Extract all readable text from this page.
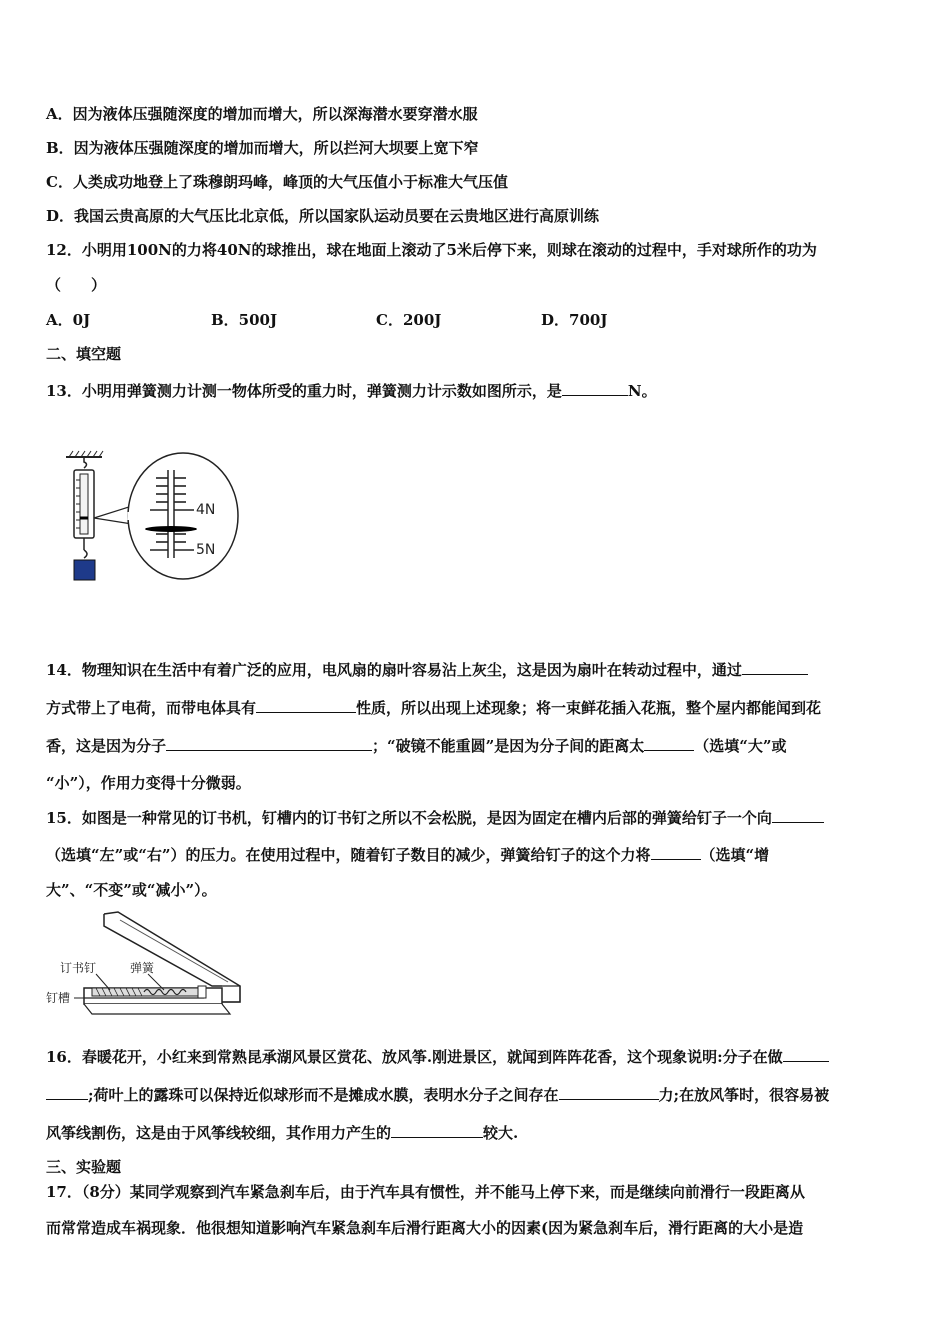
A．因为液体压强随深度的增加而增大，所以深海潜水要穿潜水服
B．因为液体压强随深度的增加而增大，所以拦河大坝要上宽下窄
C．人类成功地登上了珠穆朗玛峰，峰顶的大气压值小于标准大气压值
D．我国云贵高原的大气压比北京低，所以国家队运动员要在云贵地区进行高原训练
12．小明用100N的力将40N的球推出，球在地面上滚动了5米后停下来，则球在滚动的过程中，手对球所作的功为
（　　）
A．0J	B．500J	C．200J	D．700J
二、填空题
13．小明用弹簧测力计测一物体所受的重力时，弹簧测力计示数如图所示，是	N。
4N
5N
14．物理知识在生活中有着广泛的应用，电风扇的扇叶容易沾上灰尘，这是因为扇叶在转动过程中，通过
方式带上了电荷，而带电体具有	性质，所以出现上述现象；将一束鲜花插入花瓶，整个屋内都能闻到花
香，这是因为分子	；“破镜不能重圆”是因为分子间的距离太	（选填“大”或
“小”），作用力变得十分微弱。
15．如图是一种常见的订书机，钉槽内的订书钉之所以不会松脱，是因为固定在槽内后部的弹簧给钉子一个向
（选填“左”或“右”）的压力。在使用过程中，随着钉子数目的减少，弹簧给钉子的这个力将	（选填“增
大”、“不变”或“减小”）。
订书钉	弹簧
钉槽
16．春暖花开，小红来到常熟昆承湖风景区赏花、放风筝.刚进景区，就闻到阵阵花香，这个现象说明:分子在做
;荷叶上的露珠可以保持近似球形而不是摊成水膜，表明水分子之间存在	力;在放风筝时，很容易被
风筝线割伤，这是由于风筝线较细，其作用力产生的	较大.
三、实验题
17．（8分）某同学观察到汽车紧急刹车后，由于汽车具有惯性，并不能马上停下来，而是继续向前滑行一段距离从
而常常造成车祸现象．他很想知道影响汽车紧急刹车后滑行距离大小的因素(因为紧急刹车后，滑行距离的大小是造
